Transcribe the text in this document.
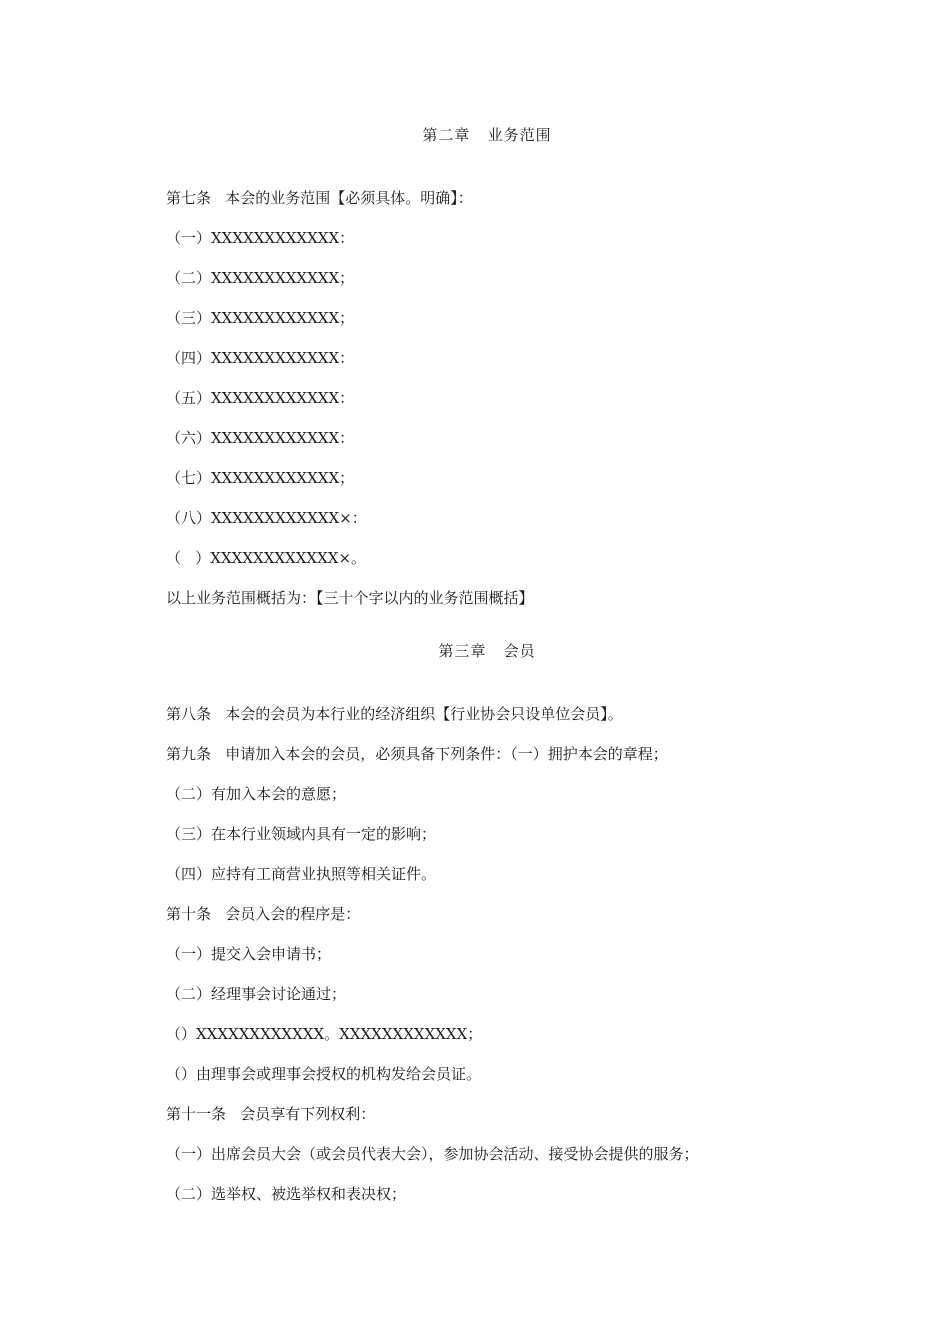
第二章   业务范围
第七条   本会的业务范围【必须具体。明确】：
（一）XXXXXXXXXXXX：
（二）XXXXXXXXXXXX；
（三）XXXXXXXXXXXX；
（四）XXXXXXXXXXXX：
（五）XXXXXXXXXXXX：
（六）XXXXXXXXXXXX：
（七）XXXXXXXXXXXX；
（八）XXXXXXXXXXXX×：
（   ）XXXXXXXXXXXX×。
以上业务范围概括为：【三十个字以内的业务范围概括】
第三章   会员
第八条   本会的会员为本行业的经济组织【行业协会只设单位会员】。
第九条   申请加入本会的会员，必须具备下列条件：（一）拥护本会的章程；
（二）有加入本会的意愿；
（三）在本行业领域内具有一定的影响；
（四）应持有工商营业执照等相关证件。
第十条   会员入会的程序是：
（一）提交入会申请书；
（二）经理事会讨论通过；
（）XXXXXXXXXXXX。XXXXXXXXXXXX；
（）由理事会或理事会授权的机构发给会员证。
第十一条   会员享有下列权利：
（一）出席会员大会（或会员代表大会），参加协会活动、接受协会提供的服务；
（二）选举权、被选举权和表决权；
